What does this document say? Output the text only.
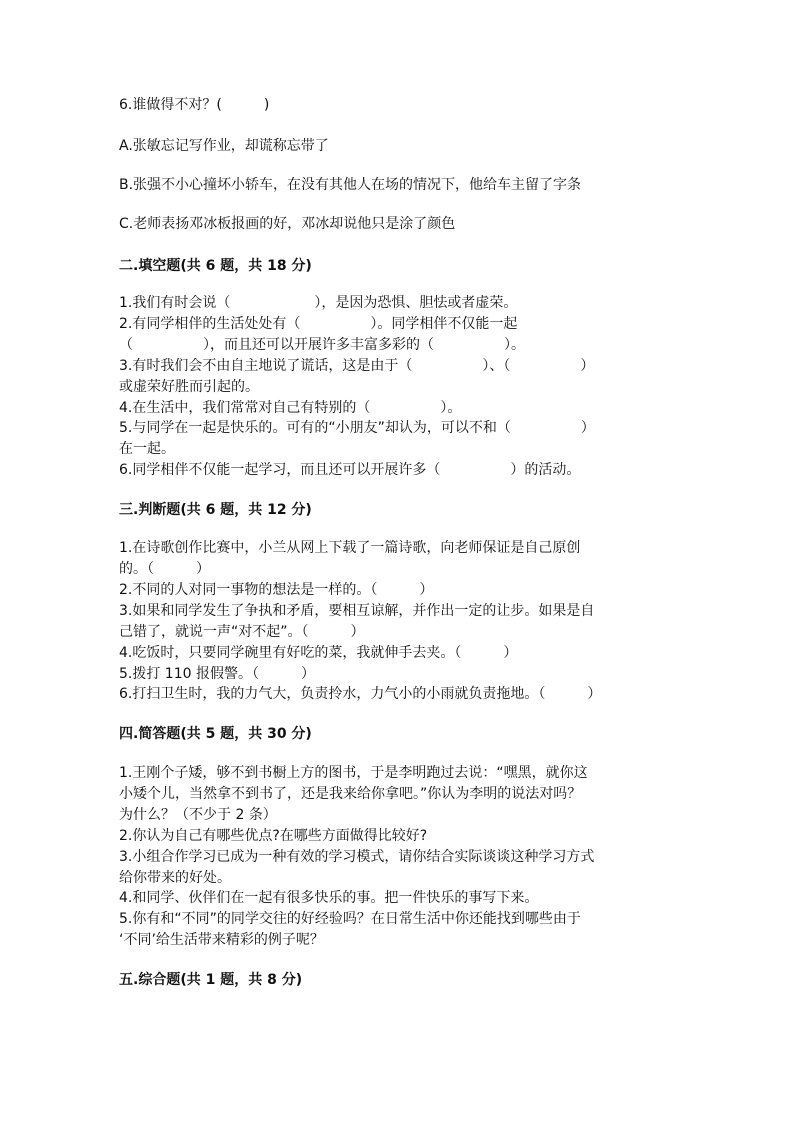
6.谁做得不对？(　　　)
A.张敏忘记写作业，却谎称忘带了
B.张强不小心撞坏小轿车，在没有其他人在场的情况下，他给车主留了字条
C.老师表扬邓冰板报画的好，邓冰却说他只是涂了颜色
二.填空题(共 6 题，共 18 分)
1.我们有时会说（　　　　　　），是因为恐惧、胆怯或者虚荣。
2.有同学相伴的生活处处有（　　　　　）。同学相伴不仅能一起
（　　　　　），而且还可以开展许多丰富多彩的（　　　　　）。
3.有时我们会不由自主地说了谎话，这是由于（　　　　　）、（　　　　　）
或虚荣好胜而引起的。
4.在生活中，我们常常对自己有特别的（　　　　　）。
5.与同学在一起是快乐的。可有的“小朋友”却认为，可以不和（　　　　　）
在一起。
6.同学相伴不仅能一起学习，而且还可以开展许多（　　　　　）的活动。
三.判断题(共 6 题，共 12 分)
1.在诗歌创作比赛中，小兰从网上下载了一篇诗歌，向老师保证是自己原创
的。（　　　）
2.不同的人对同一事物的想法是一样的。（　　　）
3.如果和同学发生了争执和矛盾，要相互谅解，并作出一定的让步。如果是自
己错了，就说一声“对不起”。（　　　）
4.吃饭时，只要同学碗里有好吃的菜，我就伸手去夹。（　　　）
5.拨打 110 报假警。（　　　）
6.打扫卫生时，我的力气大，负责拎水，力气小的小雨就负责拖地。（　　　）
四.简答题(共 5 题，共 30 分)
1.王刚个子矮，够不到书橱上方的图书，于是李明跑过去说：“嘿黑，就你这
小矮个儿，当然拿不到书了，还是我来给你拿吧。”你认为李明的说法对吗？
为什么？（不少于 2 条）
2.你认为自己有哪些优点?在哪些方面做得比较好?
3.小组合作学习已成为一种有效的学习模式，请你结合实际谈谈这种学习方式
给你带来的好处。
4.和同学、伙伴们在一起有很多快乐的事。把一件快乐的事写下来。
5.你有和“不同”的同学交往的好经验吗？在日常生活中你还能找到哪些由于
‘不同’给生活带来精彩的例子呢？
五.综合题(共 1 题，共 8 分)
